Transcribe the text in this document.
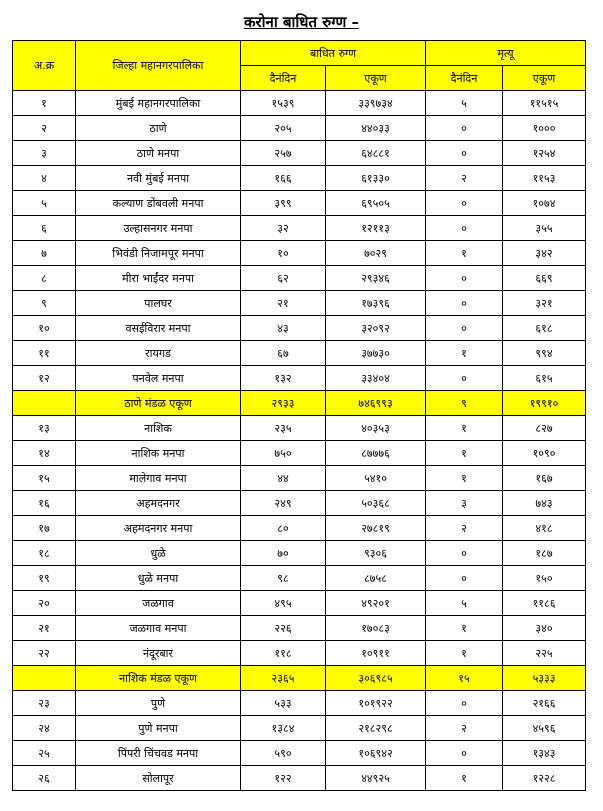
करोना बाधित रुग्ण –
अ.क्र	जिल्हा महानगरपालिका	बाधित रुग्ण		मृत्यू	
		दैनंदिन	एकूण	दैनंदिन	एकूण
१	मुंबई महानगरपालिका	१५३९	३३९७३४	५	११५१५
२	ठाणे	२०५	४४०३३	०	१०००
३	ठाणे मनपा	२५७	६४८८१	०	१२५४
४	नवी मुंबई मनपा	१६६	६१३३०	२	११५३
५	कल्याण डोंबवली मनपा	३९९	६९५०५	०	१०७४
६	उल्हासनगर मनपा	३२	१२११३	०	३५५
७	भिवंडी निजामपूर मनपा	१०	७०२९	१	३४२
८	मीरा भाईंदर मनपा	६२	२९३४६	०	६६९
९	पालघर	२१	१७३९६	०	३२१
१०	वसईविरार मनपा	४३	३२०९२	०	६१८
११	रायगड	६७	३७७३०	१	९९४
१२	पनवेल मनपा	१३२	३३४०४	०	६१५
	ठाणे मंडळ एकूण	२९३३	७४६९९३	९	१९९१०
१३	नाशिक	२३५	४०३५३	१	८२७
१४	नाशिक मनपा	७५०	८७७७६	१	१०९०
१५	मालेगाव मनपा	४४	५४१०	१	१६७
१६	अहमदनगर	२४९	५०३६८	३	७४३
१७	अहमदनगर मनपा	८०	२७८१९	२	४१८
१८	धुळे	७०	९३०६	०	१८७
१९	धुळे मनपा	९८	८७५८	०	१५०
२०	जळगाव	४९५	४९२०१	५	११८६
२१	जळगाव मनपा	२२६	१७०८३	१	३४०
२२	नंदूरबार	११८	१०९११	१	२२५
	नाशिक मंडळ एकूण	२३६५	३०६९८५	१५	५३३३
२३	पुणे	५३३	१०१९२२	०	२१६६
२४	पुणे मनपा	१३८४	२१८२९८	२	४५९६
२५	पिंपरी चिंचवड मनपा	५९०	१०६९४२	०	१३४३
२६	सोलापूर	१२२	४४९२५	१	१२२८
